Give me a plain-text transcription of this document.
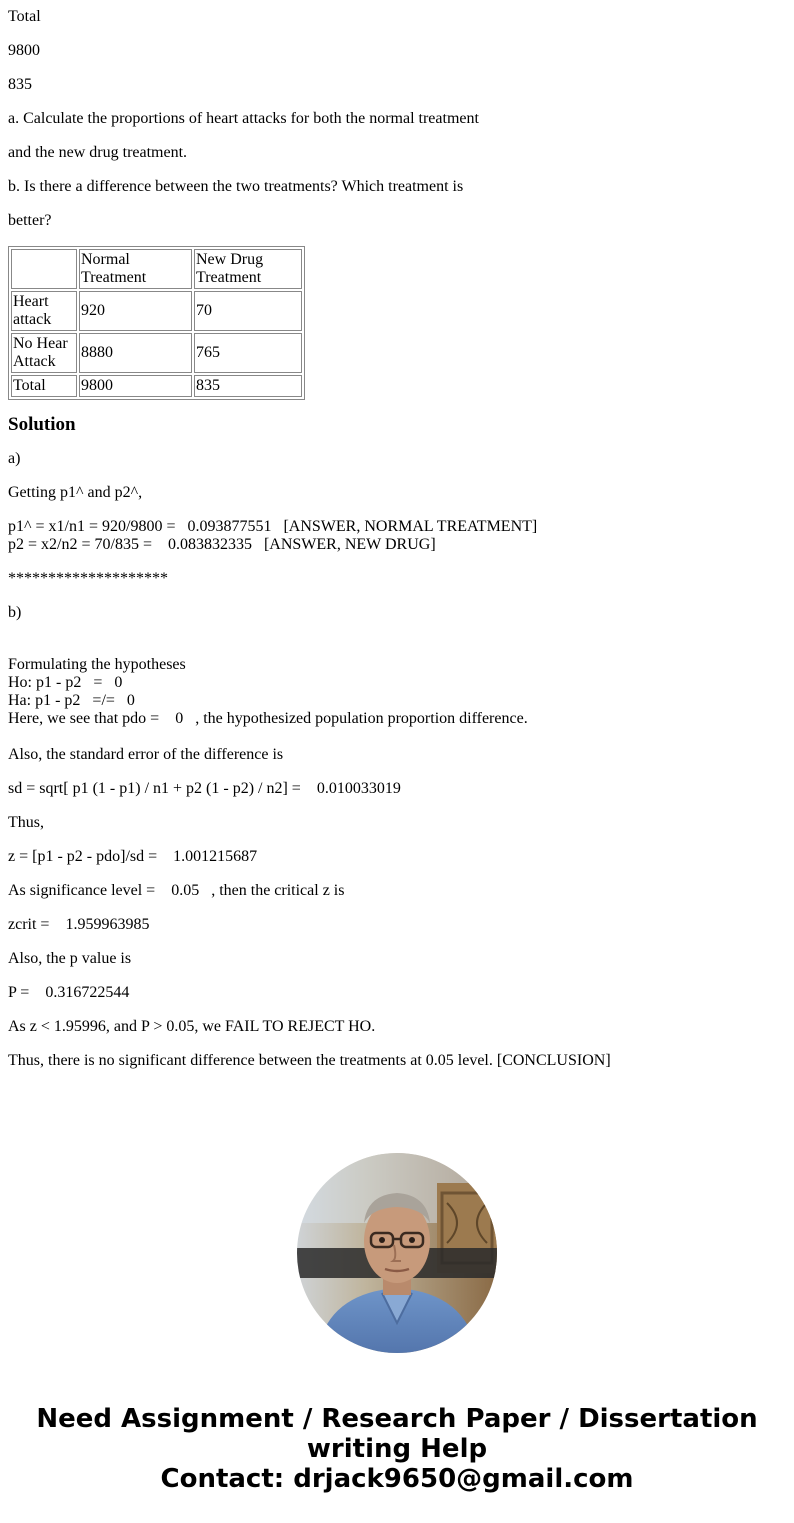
Total

9800

835

a. Calculate the proportions of heart attacks for both the normal treatment

and the new drug treatment.

b. Is there a difference between the two treatments? Which treatment is

better?

	Normal Treatment	New Drug Treatment
Heart attack	920	70
No Hear Attack	8880	765
Total	9800	835
Solution

a)

Getting p1^ and p2^,

p1^ = x1/n1 = 920/9800 =   0.093877551   [ANSWER, NORMAL TREATMENT]
p2 = x2/n2 = 70/835 =    0.083832335   [ANSWER, NEW DRUG]

********************

b)

Formulating the hypotheses
Ho: p1 - p2   =   0
Ha: p1 - p2   =/=   0
Here, we see that pdo =    0   , the hypothesized population proportion difference.
Also, the standard error of the difference is

sd = sqrt[ p1 (1 - p1) / n1 + p2 (1 - p2) / n2] =    0.010033019

Thus,

z = [p1 - p2 - pdo]/sd =    1.001215687

As significance level =    0.05   , then the critical z is

zcrit =    1.959963985

Also, the p value is

P =    0.316722544

As z < 1.95996, and P > 0.05, we FAIL TO REJECT HO.

Thus, there is no significant difference between the treatments at 0.05 level. [CONCLUSION]

Need Assignment / Research Paper / Dissertation
writing Help
Contact: drjack9650@gmail.com
